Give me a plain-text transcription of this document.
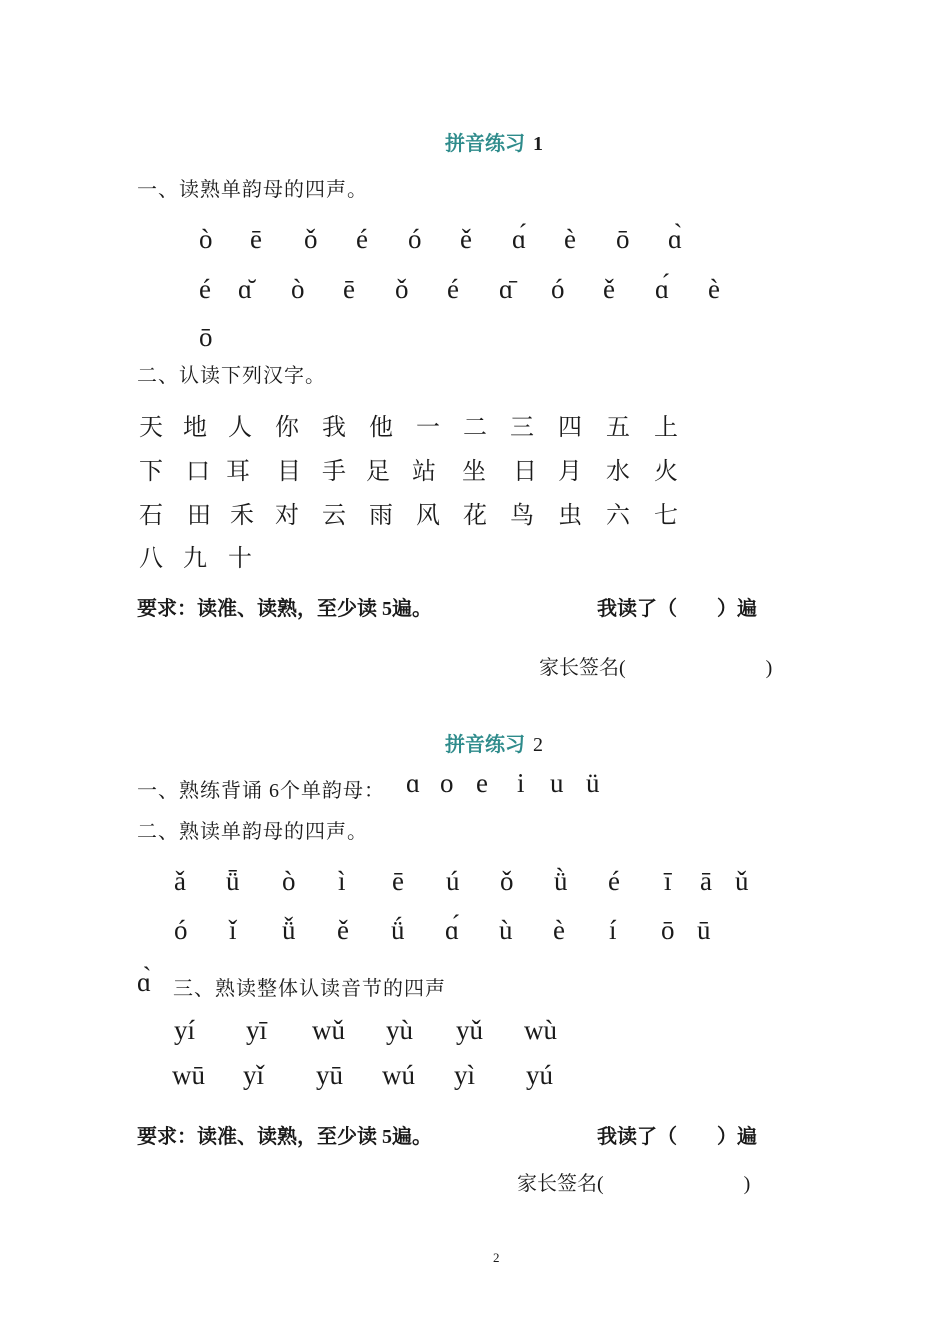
拼音练习 1
一、读熟单韵母的四声。
ò ē ǒ é ó ě ɑ́ è ō ɑ̀
é ɑ̆ ò ē ǒ é ɑ̄ ó ě ɑ́ è
ō
二、认读下列汉字。
天 地 人 你 我 他 一 二 三 四 五 上
下 口 耳 目 手 足 站 坐 日 月 水 火
石 田 禾 对 云 雨 风 花 鸟 虫 六 七
八 九 十
要求：读准、读熟，至少读 5遍。	我读了（　　）遍
家长签名(　　　　　　　)
拼音练习 2
一、熟练背诵 6个单韵母： ɑ o e i u ü
二、熟读单韵母的四声。
ǎ ǖ ò ì ē ú ǒ ǜ é ī ā ǔ
ó ǐ ǚ ě ǘ ɑ́ ù è í ō ū
ɑ̀ 三、熟读整体认读音节的四声
yí yī wǔ yù yǔ wù
wū yǐ yū wú yì yú
要求：读准、读熟，至少读 5遍。	我读了（　　）遍
家长签名(　　　　　　　)
2
